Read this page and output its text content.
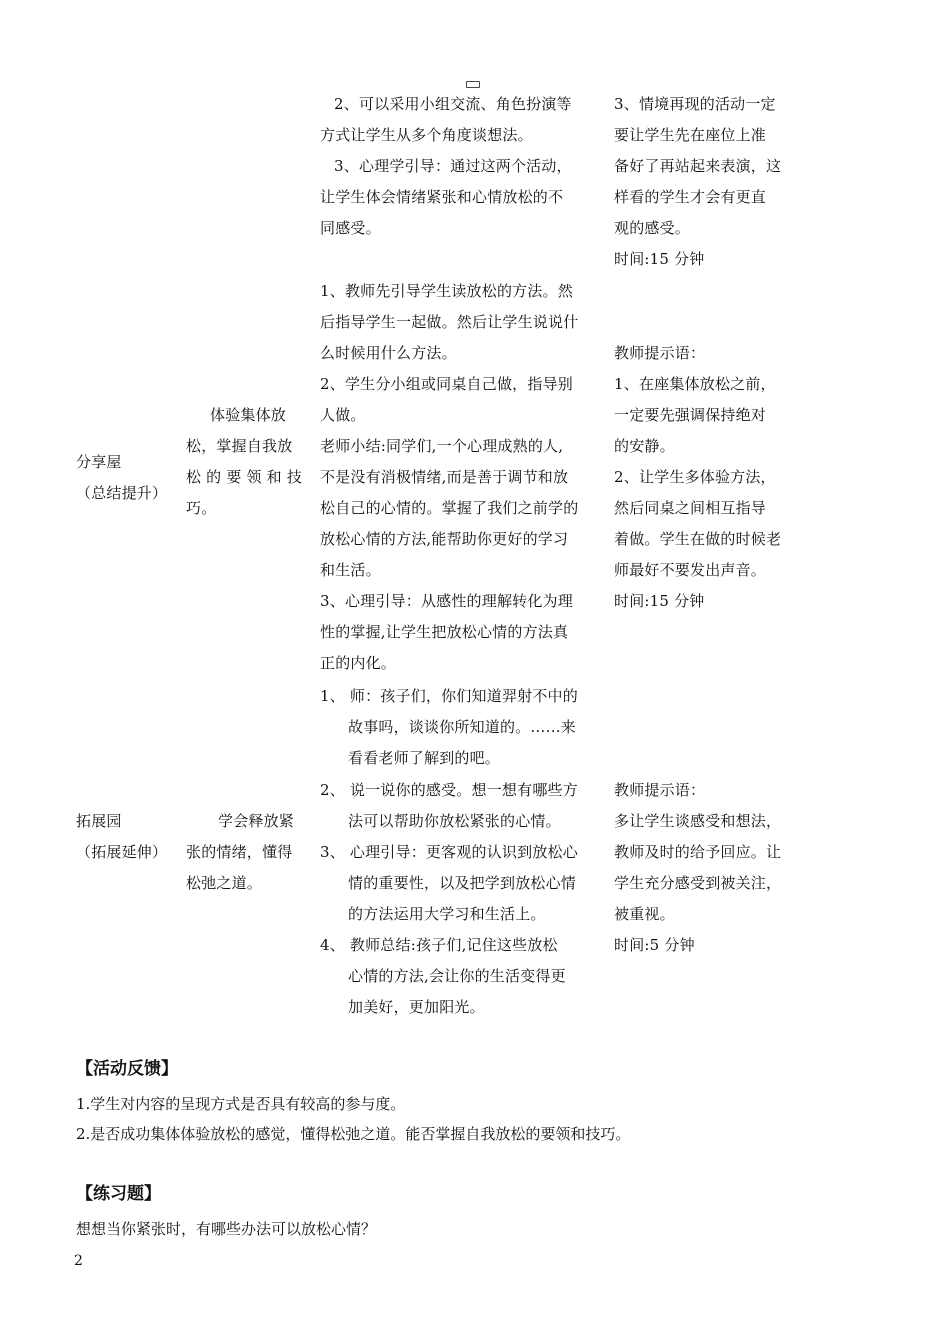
2、可以采用小组交流、角色扮演等
方式让学生从多个角度谈想法。
3、心理学引导：通过这两个活动，
让学生体会情绪紧张和心情放松的不
同感受。
3、情境再现的活动一定
要让学生先在座位上准
备好了再站起来表演，这
样看的学生才会有更直
观的感受。
时间:15 分钟
分享屋
（总结提升）
体验集体放
松，掌握自我放
松 的 要 领 和 技
巧。
1、教师先引导学生读放松的方法。然
后指导学生一起做。然后让学生说说什
么时候用什么方法。
2、学生分小组或同桌自己做，指导别
人做。
老师小结:同学们,一个心理成熟的人,
不是没有消极情绪,而是善于调节和放
松自己的心情的。掌握了我们之前学的
放松心情的方法,能帮助你更好的学习
和生活。
3、心理引导：从感性的理解转化为理
性的掌握,让学生把放松心情的方法真
正的内化。
教师提示语：
1、在座集体放松之前，
一定要先强调保持绝对
的安静。
2、让学生多体验方法，
然后同桌之间相互指导
着做。学生在做的时候老
师最好不要发出声音。
时间:15 分钟
拓展园
（拓展延伸）
学会释放紧
张的情绪，懂得
松弛之道。
1、 师：孩子们，你们知道羿射不中的
故事吗，谈谈你所知道的。……来
看看老师了解到的吧。
2、 说一说你的感受。想一想有哪些方
法可以帮助你放松紧张的心情。
3、 心理引导：更客观的认识到放松心
情的重要性，以及把学到放松心情
的方法运用大学习和生活上。
4、 教师总结:孩子们,记住这些放松
心情的方法,会让你的生活变得更
加美好，更加阳光。
教师提示语：
多让学生谈感受和想法，
教师及时的给予回应。让
学生充分感受到被关注，
被重视。
时间:5 分钟
【活动反馈】
1.学生对内容的呈现方式是否具有较高的参与度。
2.是否成功集体体验放松的感觉，懂得松弛之道。能否掌握自我放松的要领和技巧。
【练习题】
想想当你紧张时，有哪些办法可以放松心情？
2
